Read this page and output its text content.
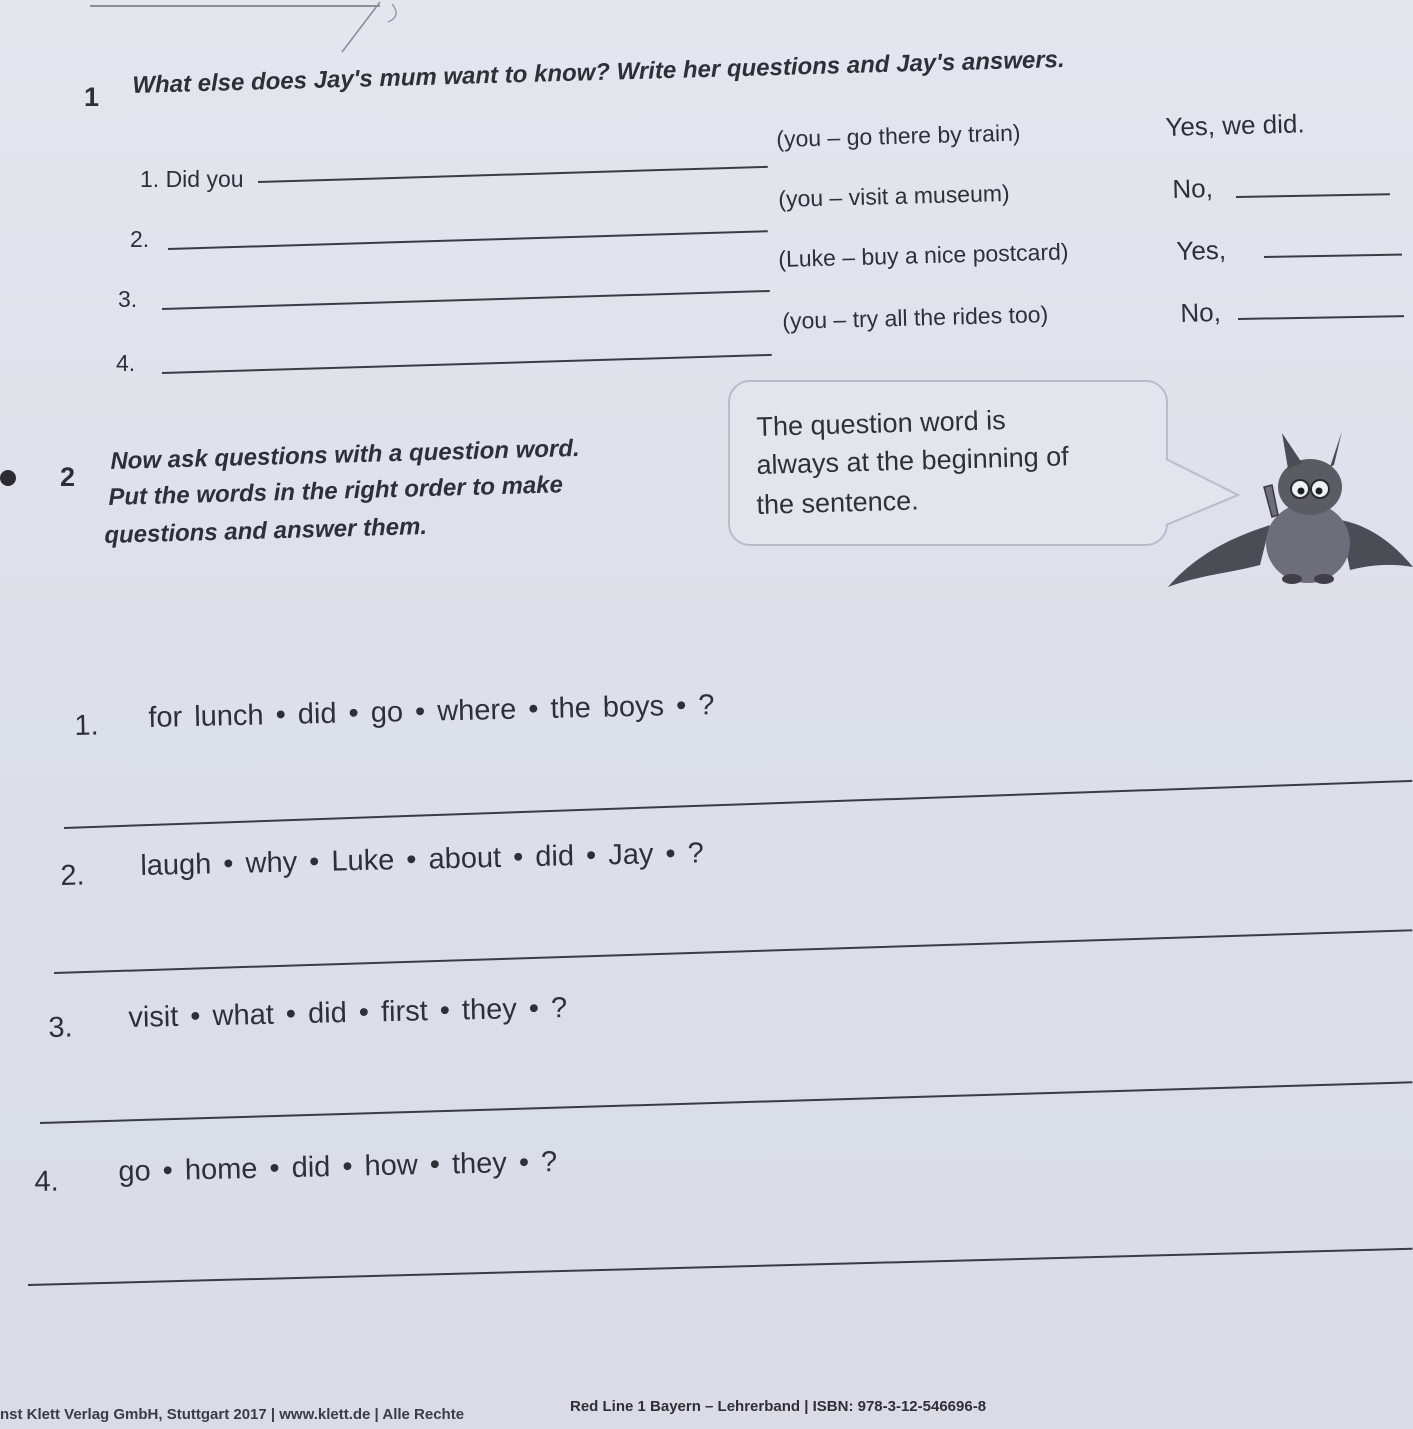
1 What else does Jay's mum want to know? Write her questions and Jay's answers.
1. Did you
(you – go there by train)	Yes, we did.
2.
(you – visit a museum)	No,
3.
(Luke – buy a nice postcard)	Yes,
4.
(you – try all the rides too)	No,
2
Now ask questions with a question word.
Put the words in the right order to make
questions and answer them.
The question word is
always at the beginning of
the sentence.
1. for lunch • did • go • where • the boys • ?
2. laugh • why • Luke • about • did • Jay • ?
3. visit • what • did • first • they • ?
4. go • home • did • how • they • ?
nst Klett Verlag GmbH, Stuttgart 2017 | www.klett.de | Alle Rechte	Red Line 1 Bayern – Lehrerband | ISBN: 978-3-12-546696-8
